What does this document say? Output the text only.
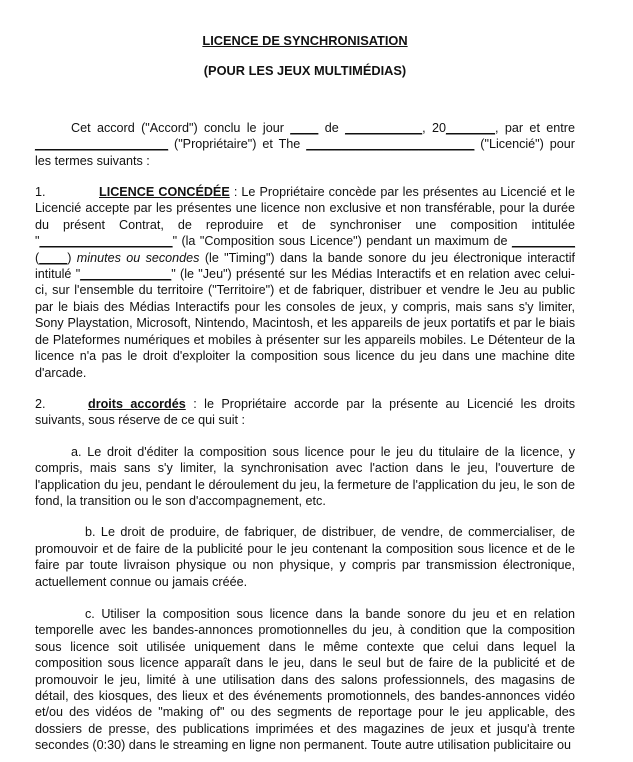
LICENCE DE SYNCHRONISATION

(POUR LES JEUX MULTIMÉDIAS)

Cet accord ("Accord") conclu le jour ____ de ___________, 20_______, par et entre ___________________ ("Propriétaire") et The ________________________ ("Licencié") pour les termes suivants :

1.	LICENCE CONCÉDÉE : Le Propriétaire concède par les présentes au Licencié et le Licencié accepte par les présentes une licence non exclusive et non transférable, pour la durée du présent Contrat, de reproduire et de synchroniser une composition intitulée "___________________" (la "Composition sous Licence") pendant un maximum de _________ (____) minutes ou secondes (le "Timing") dans la bande sonore du jeu électronique interactif intitulé "_____________" (le "Jeu") présenté sur les Médias Interactifs et en relation avec celui-ci, sur l'ensemble du territoire ("Territoire") et de fabriquer, distribuer et vendre le Jeu au public par le biais des Médias Interactifs pour les consoles de jeux, y compris, mais sans s'y limiter, Sony Playstation, Microsoft, Nintendo, Macintosh, et les appareils de jeux portatifs et par le biais de Plateformes numériques et mobiles à présenter sur les appareils mobiles. Le Détenteur de la licence n'a pas le droit d'exploiter la composition sous licence du jeu dans une machine dite d'arcade.

2.	droits accordés : le Propriétaire accorde par la présente au Licencié les droits suivants, sous réserve de ce qui suit :

a. Le droit d'éditer la composition sous licence pour le jeu du titulaire de la licence, y compris, mais sans s'y limiter, la synchronisation avec l'action dans le jeu, l'ouverture de l'application du jeu, pendant le déroulement du jeu, la fermeture de l'application du jeu, le son de fond, la transition ou le son d'accompagnement, etc.

b. Le droit de produire, de fabriquer, de distribuer, de vendre, de commercialiser, de promouvoir et de faire de la publicité pour le jeu contenant la composition sous licence et de le faire par toute livraison physique ou non physique, y compris par transmission électronique, actuellement connue ou jamais créée.

c. Utiliser la composition sous licence dans la bande sonore du jeu et en relation temporelle avec les bandes-annonces promotionnelles du jeu, à condition que la composition sous licence soit utilisée uniquement dans le même contexte que celui dans lequel la composition sous licence apparaît dans le jeu, dans le seul but de faire de la publicité et de promouvoir le jeu, limité à une utilisation dans des salons professionnels, des magasins de détail, des kiosques, des lieux et des événements promotionnels, des bandes-annonces vidéo et/ou des vidéos de "making of" ou des segments de reportage pour le jeu applicable, des dossiers de presse, des publications imprimées et des magazines de jeux et jusqu'à trente secondes (0:30) dans le streaming en ligne non permanent. Toute autre utilisation publicitaire ou
